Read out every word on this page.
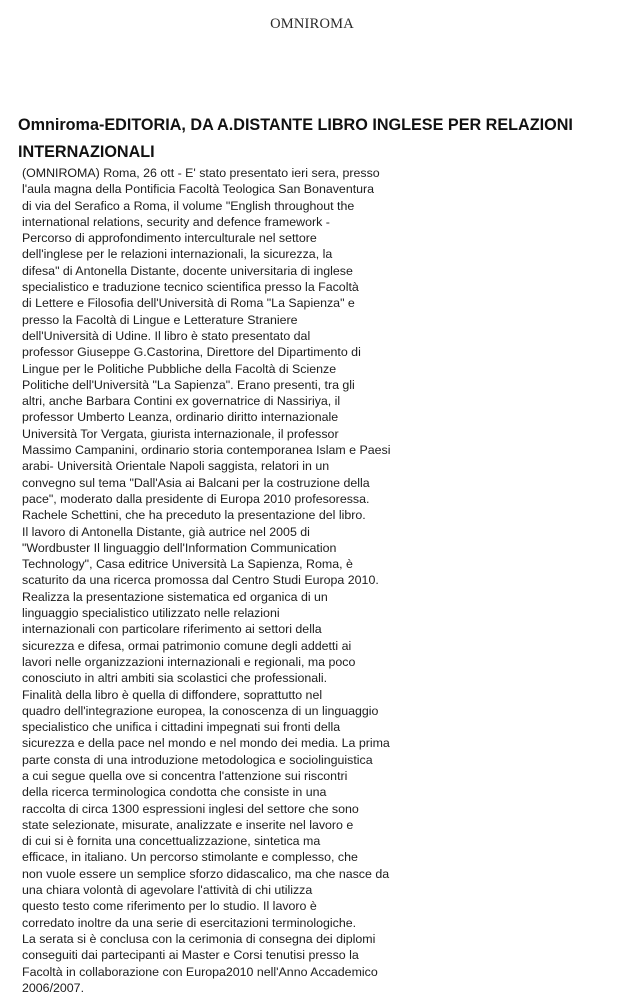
OMNIROMA
Omniroma-EDITORIA, DA A.DISTANTE LIBRO INGLESE PER RELAZIONI
INTERNAZIONALI
(OMNIROMA) Roma, 26 ott - E' stato presentato ieri sera, presso
l'aula magna della Pontificia Facoltà Teologica San Bonaventura
di via del Serafico a Roma, il volume "English throughout the
international relations, security and defence framework -
Percorso di approfondimento interculturale nel settore
dell'inglese per le relazioni internazionali, la sicurezza, la
difesa" di Antonella Distante, docente universitaria di inglese
specialistico e traduzione tecnico scientifica presso la Facoltà
di Lettere e Filosofia dell'Università di Roma "La Sapienza" e
presso la Facoltà di Lingue e Letterature Straniere
dell'Università di Udine. Il libro è stato presentato dal
professor Giuseppe G.Castorina, Direttore del Dipartimento di
Lingue per le Politiche Pubbliche della Facoltà di Scienze
Politiche dell'Università "La Sapienza". Erano presenti, tra gli
altri, anche Barbara Contini ex governatrice di Nassiriya, il
professor Umberto Leanza, ordinario diritto internazionale
Università Tor Vergata, giurista internazionale, il professor
Massimo Campanini, ordinario storia contemporanea Islam e Paesi
arabi- Università Orientale Napoli saggista, relatori in un
convegno sul tema "Dall'Asia ai Balcani per la costruzione della
pace", moderato dalla presidente di Europa 2010 profesoressa.
Rachele Schettini, che ha preceduto la presentazione del libro.
Il lavoro di Antonella Distante, già autrice nel 2005 di
"Wordbuster Il linguaggio dell'Information Communication
Technology", Casa editrice Università La Sapienza, Roma, è
scaturito da una ricerca promossa dal Centro Studi Europa 2010.
Realizza la presentazione sistematica ed organica di un
linguaggio specialistico utilizzato nelle relazioni
internazionali con particolare riferimento ai settori della
sicurezza e difesa, ormai patrimonio comune degli addetti ai
lavori nelle organizzazioni internazionali e regionali, ma poco
conosciuto in altri ambiti sia scolastici che professionali.
Finalità della libro è quella di diffondere, soprattutto nel
quadro dell'integrazione europea, la conoscenza di un linguaggio
specialistico che unifica i cittadini impegnati sui fronti della
sicurezza e della pace nel mondo e nel mondo dei media. La prima
parte consta di una introduzione metodologica e sociolinguistica
a cui segue quella ove si concentra l'attenzione sui riscontri
della ricerca terminologica condotta che consiste in una
raccolta di circa 1300 espressioni inglesi del settore che sono
state selezionate, misurate, analizzate e inserite nel lavoro e
di cui si è fornita una concettualizzazione, sintetica ma
efficace, in italiano. Un percorso stimolante e complesso, che
non vuole essere un semplice sforzo didascalico, ma che nasce da
una chiara volontà di agevolare l'attività di chi utilizza
questo testo come riferimento per lo studio. Il lavoro è
corredato inoltre da una serie di esercitazioni terminologiche.
La serata si è conclusa con la cerimonia di consegna dei diplomi
conseguiti dai partecipanti ai Master e Corsi tenutisi presso la
Facoltà in collaborazione con Europa2010 nell'Anno Accademico
2006/2007.
